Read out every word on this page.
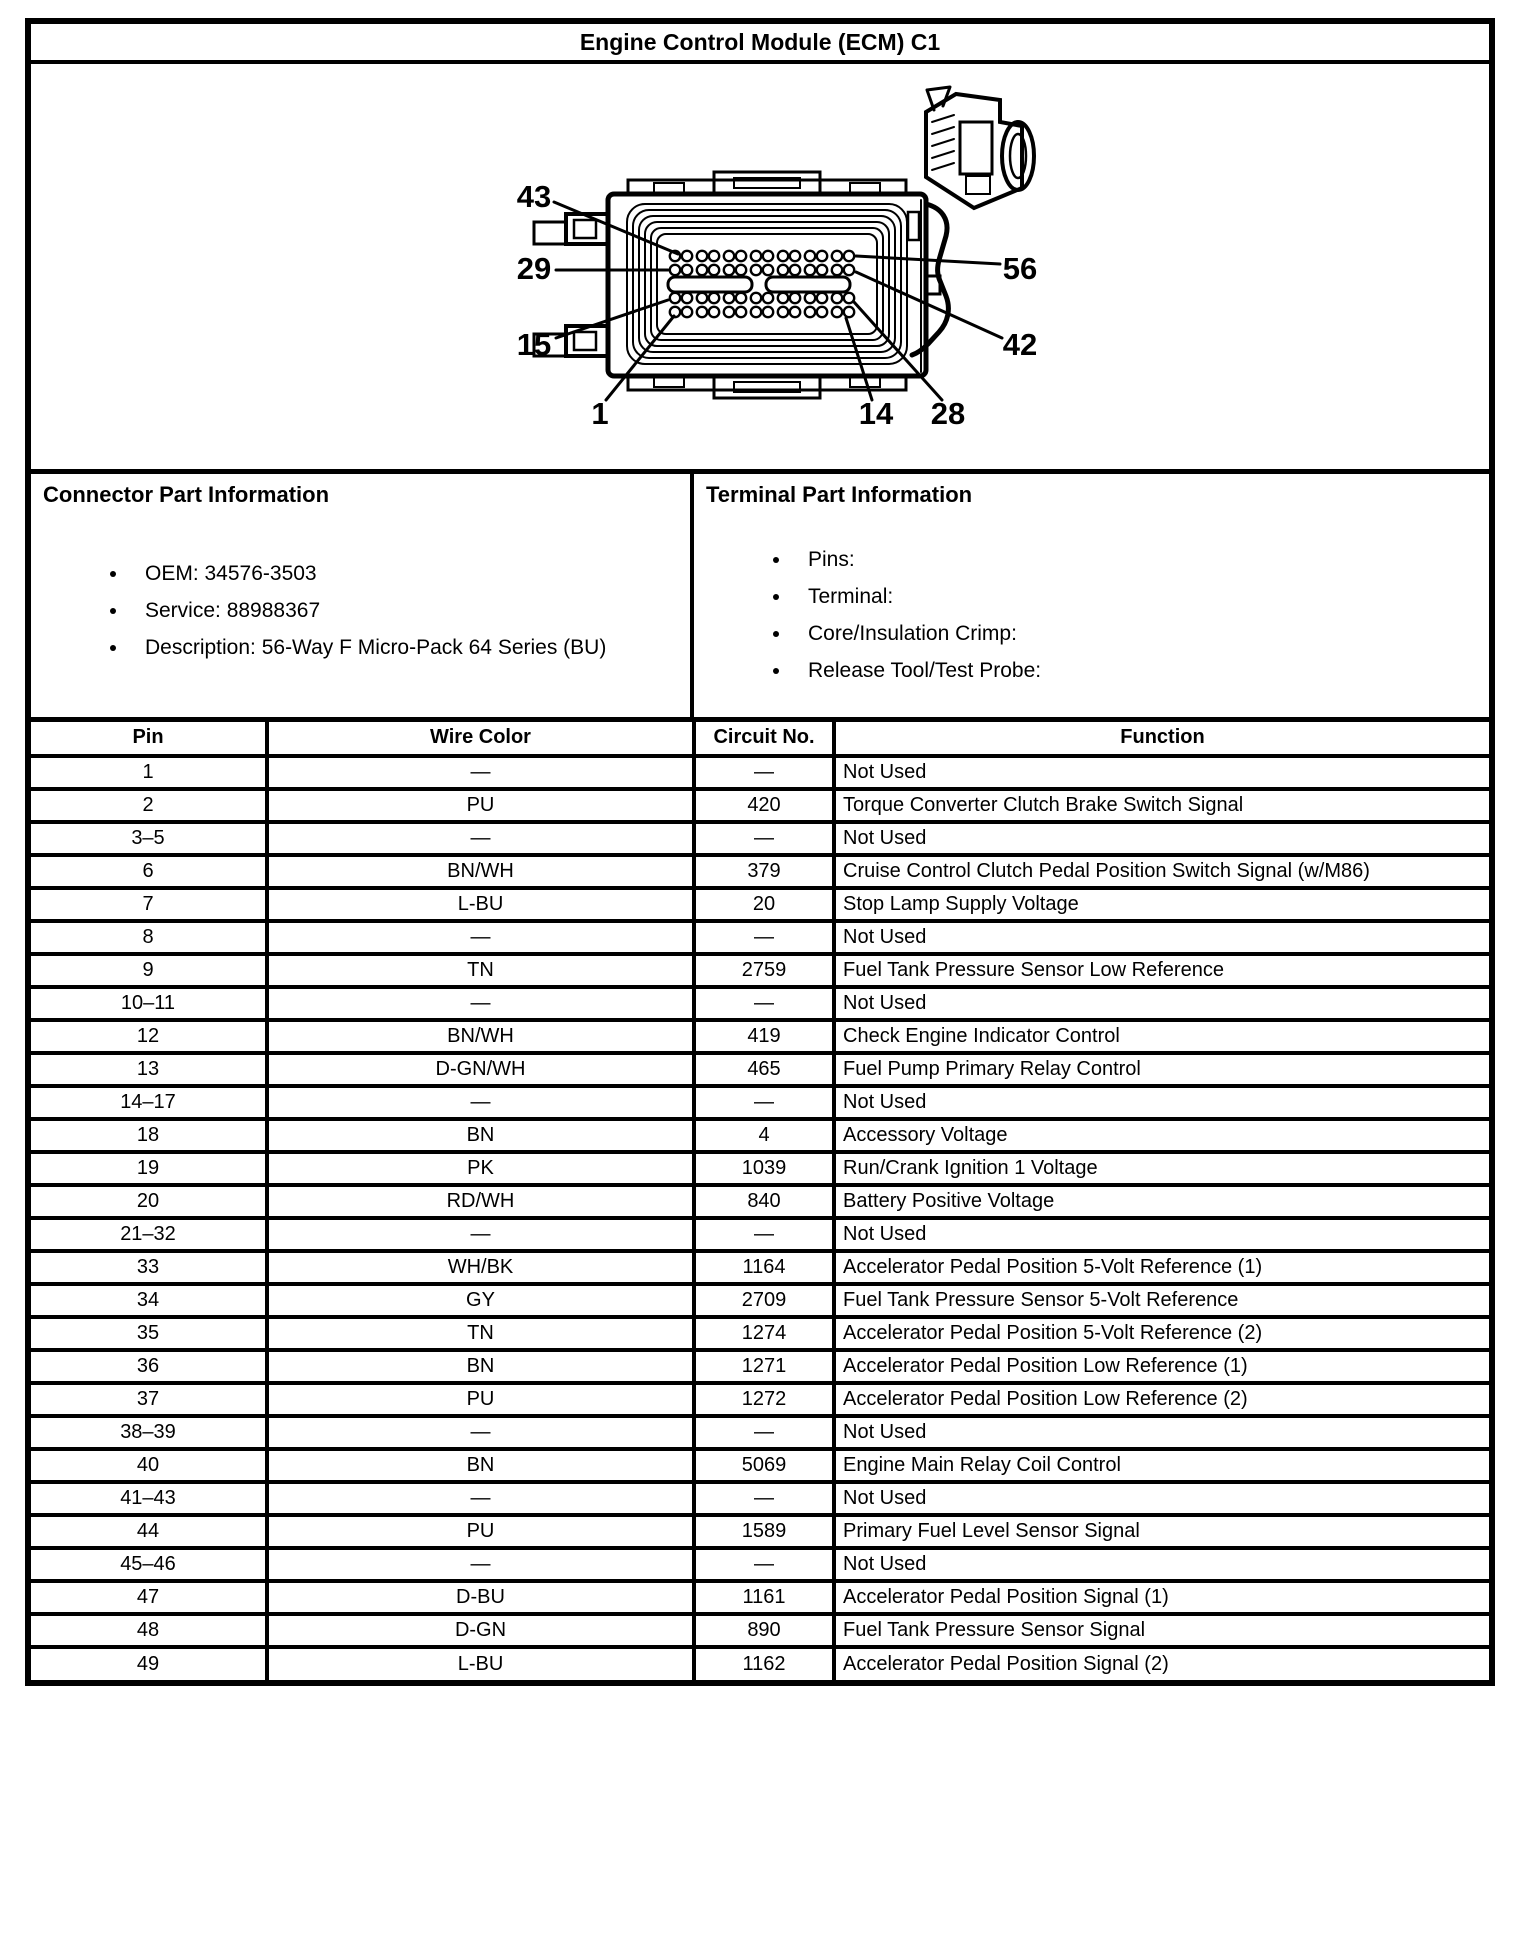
Engine Control Module (ECM) C1
43
29
15
1	14 28
56
42
Connector Part Information
• OEM: 34576-3503
• Service: 88988367
• Description: 56-Way F Micro-Pack 64 Series (BU)
Terminal Part Information
• Pins:
• Terminal:
• Core/Insulation Crimp:
• Release Tool/Test Probe:
Pin	Wire Color	Circuit No.	Function
1	—	—	Not Used
2	PU	420	Torque Converter Clutch Brake Switch Signal
3–5	—	—	Not Used
6	BN/WH	379	Cruise Control Clutch Pedal Position Switch Signal (w/M86)
7	L-BU	20	Stop Lamp Supply Voltage
8	—	—	Not Used
9	TN	2759	Fuel Tank Pressure Sensor Low Reference
10–11	—	—	Not Used
12	BN/WH	419	Check Engine Indicator Control
13	D-GN/WH	465	Fuel Pump Primary Relay Control
14–17	—	—	Not Used
18	BN	4	Accessory Voltage
19	PK	1039	Run/Crank Ignition 1 Voltage
20	RD/WH	840	Battery Positive Voltage
21–32	—	—	Not Used
33	WH/BK	1164	Accelerator Pedal Position 5-Volt Reference (1)
34	GY	2709	Fuel Tank Pressure Sensor 5-Volt Reference
35	TN	1274	Accelerator Pedal Position 5-Volt Reference (2)
36	BN	1271	Accelerator Pedal Position Low Reference (1)
37	PU	1272	Accelerator Pedal Position Low Reference (2)
38–39	—	—	Not Used
40	BN	5069	Engine Main Relay Coil Control
41–43	—	—	Not Used
44	PU	1589	Primary Fuel Level Sensor Signal
45–46	—	—	Not Used
47	D-BU	1161	Accelerator Pedal Position Signal (1)
48	D-GN	890	Fuel Tank Pressure Sensor Signal
49	L-BU	1162	Accelerator Pedal Position Signal (2)
